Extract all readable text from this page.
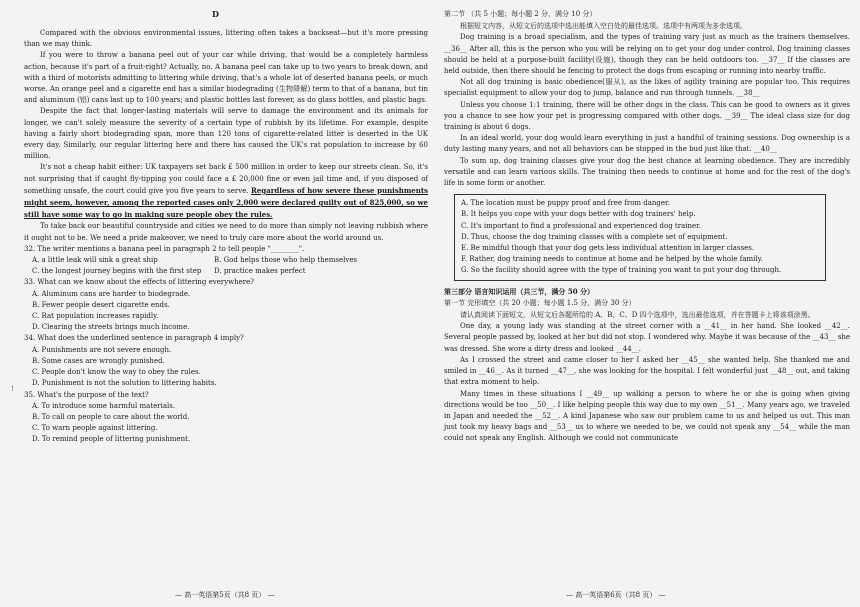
D

Compared with the obvious environmental issues, littering often takes a backseat—but it's more pressing than we may think.

If you were to throw a banana peel out of your car while driving, that would be a completely harmless action, because it's part of a fruit-right? Actually, no. A banana peel can take up to two years to break down, and with a third of motorists admitting to littering while driving, that's a whole lot of deserted banana peels, or much worse. An orange peel and a cigarette end has a similar biodegrading (生物降解) term to that of a banana, but tin and aluminum (铝) cans last up to 100 years; and plastic bottles last forever, as do glass bottles, and plastic bags.

Despite the fact that longer-lasting materials will serve to damage the environment and its animals for longer, we can't solely measure the severity of a certain type of rubbish by its lifetime. For example, despite having a fairly short biodegrading span, more than 120 tons of cigarette-related litter is deserted in the UK every day. Similarly, our regular littering here and there has caused the UK's rat population to increase by 60 million.

It's not a cheap habit either: UK taxpayers set back £ 500 million in order to keep our streets clean. So, it's not surprising that if caught fly-tipping you could face a £ 20,000 fine or even jail time and, if you disposed of something unsafe, the court could give you five years to serve. Regardless of how severe these punishments might seem, however, among the reported cases only 2,000 were declared guilty out of 825,000, so we still have some way to go in making sure people obey the rules.

To take back our beautiful countryside and cities we need to do more than simply not leaving rubbish where it ought not to be. We need a pride makeover, we need to truly care more about the world around us.

32. The writer mentions a banana peel in paragraph 2 to tell people "________".

A. a little leak will sink a great ship	B. God helps those who help themselves

C. the longest journey begins with the first step D. practice makes perfect

33. What can we know about the effects of littering everywhere?

A. Aluminum cans are harder to biodegrade.

B. Fewer people desert cigarette ends.

C. Rat population increases rapidly.

D. Clearing the streets brings much income.

34. What does the underlined sentence in paragraph 4 imply?

A. Punishments are not severe enough.

B. Some cases are wrongly punished.

C. People don't know the way to obey the rules.

D. Punishment is not the solution to littering habits.

35. What's the purpose of the text?

A. To introduce some harmful materials.

B. To call on people to care about the world.

C. To warn people against littering.

D. To remind people of littering punishment.

第二节 （共 5 小题；每小题 2 分，满分 10 分）

根据短文内容，从短文后的选项中选出能填入空白处的最佳选项。选项中有两项为多余选项。

Dog training is a broad specialism, and the types of training vary just as much as the trainers themselves. __36__ After all, this is the person who you will be relying on to get your dog under control. Dog training classes should be held at a purpose-built facility(设施), though they can be held outdoors too. __37__ If the classes are held outside, then there should be fencing to protect the dogs from escaping or running into nearby traffic.

Not all dog training is basic obedience(服从), as the likes of agility training are popular too. This requires specialist equipment to allow your dog to jump, balance and run through tunnels. __38__

Unless you choose 1:1 training, there will be other dogs in the class. This can be good to owners as it gives you a chance to see how your pet is progressing compared with other dogs. __39__ The ideal class size for dog training is about 6 dogs.

In an ideal world, your dog would learn everything in just a handful of training sessions. Dog ownership is a duty lasting many years, and not all behaviors can be stopped in the bud just like that. __40__

To sum up, dog training classes give your dog the best chance at learning obedience. They are incredibly versatile and can learn various skills. The training then needs to continue at home and for the rest of the dog's life in some form or another.

A. The location must be puppy proof and free from danger.

B. It helps you cope with your dogs better with dog trainers' help.

C. It's important to find a professional and experienced dog trainer.

D. Thus, choose the dog training classes with a complete set of equipment.

E. Be mindful though that your dog gets less individual attention in larger classes.

F. Rather, dog training needs to continue at home and be helped by the whole family.

G. So the facility should agree with the type of training you want to put your dog through.

第三部分 语言知识运用（共三节，满分 50 分）

第一节 完形填空（共 20 小题；每小题 1.5 分，满分 30 分）

请认真阅读下面短文，从短文后各题所给的 A、B、C、D 四个选项中，选出最佳选项，并在答题卡上将该项涂黑。

One day, a young lady was standing at the street corner with a __41__ in her hand. She looked __42__. Several people passed by, looked at her but did not stop. I wondered why. Maybe it was because of the __43__ she was dressed. She wore a dirty dress and looked __44__.

As I crossed the street and came closer to her I asked her __45__ she wanted help. She thanked me and smiled in __46__. As it turned __47__, she was looking for the hospital. I felt wonderful just __48__ out, and taking that extra moment to help.

Many times in these situations I __49__ up walking a person to where he or she is going when giving directions would be too __50__. I like helping people this way due to my own __51__. Many years ago, we traveled in Japan and needed the __52__. A kind Japanese who saw our problem came to us and helped us out. This man just took my heavy bags and __53__ us to where we needed to be, we could not speak any __54__ while the man could not speak any English. Although we could not communicate

!
— 高一英语第5页（共8 页） —	— 高一英语第6页（共8 页） —
